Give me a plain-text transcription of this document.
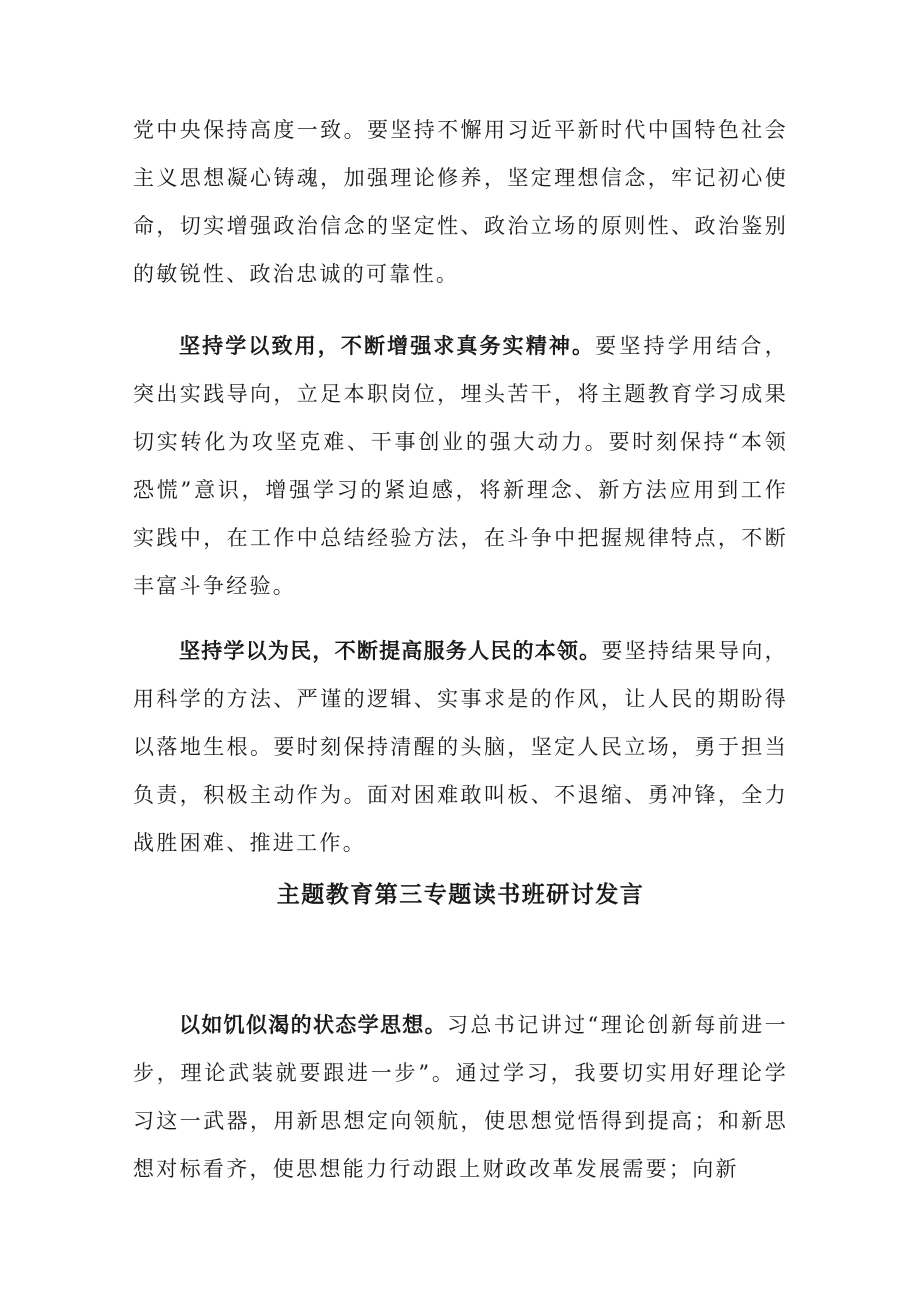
党中央保持高度一致。要坚持不懈用习近平新时代中国特色社会主义思想凝心铸魂，加强理论修养，坚定理想信念，牢记初心使命，切实增强政治信念的坚定性、政治立场的原则性、政治鉴别的敏锐性、政治忠诚的可靠性。

坚持学以致用，不断增强求真务实精神。要坚持学用结合，突出实践导向，立足本职岗位，埋头苦干，将主题教育学习成果切实转化为攻坚克难、干事创业的强大动力。要时刻保持“本领恐慌”意识，增强学习的紧迫感，将新理念、新方法应用到工作实践中，在工作中总结经验方法，在斗争中把握规律特点，不断丰富斗争经验。

坚持学以为民，不断提高服务人民的本领。要坚持结果导向，用科学的方法、严谨的逻辑、实事求是的作风，让人民的期盼得以落地生根。要时刻保持清醒的头脑，坚定人民立场，勇于担当负责，积极主动作为。面对困难敢叫板、不退缩、勇冲锋，全力战胜困难、推进工作。

主题教育第三专题读书班研讨发言

以如饥似渴的状态学思想。习总书记讲过“理论创新每前进一步，理论武装就要跟进一步”。通过学习，我要切实用好理论学习这一武器，用新思想定向领航，使思想觉悟得到提高；和新思想对标看齐，使思想能力行动跟上财政改革发展需要；向新
